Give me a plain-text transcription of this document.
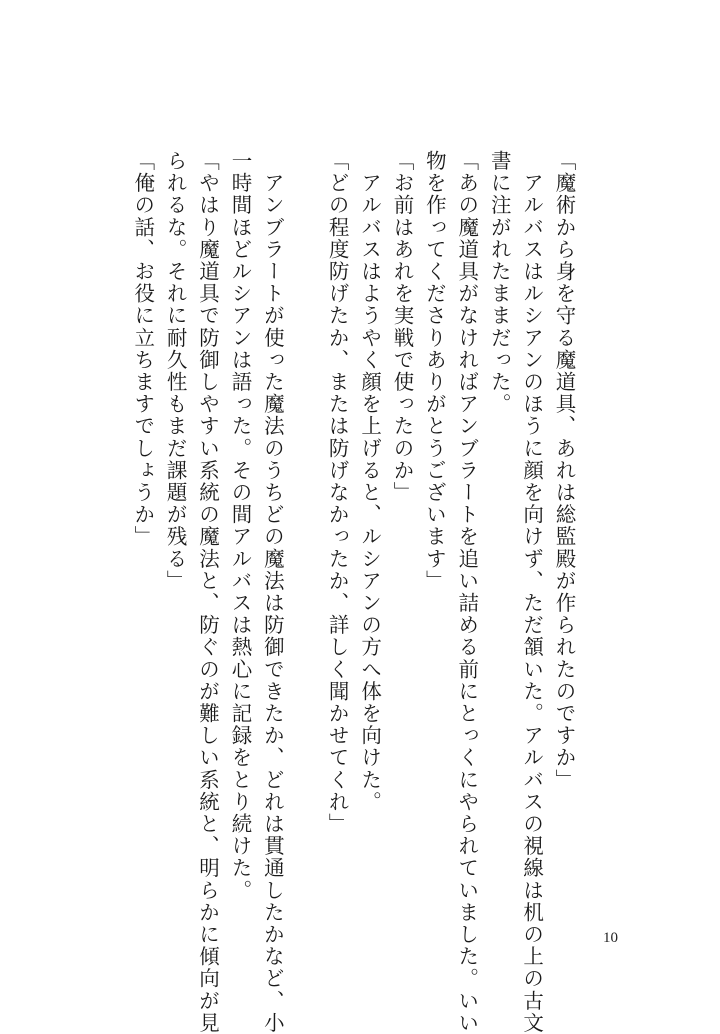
「魔術から身を守る魔道具、あれは総監殿が作られたのですか」
　アルバスはルシアンのほうに顔を向けず、ただ頷いた。アルバスの視線は机の上の古文
書に注がれたままだった。
「あの魔道具がなければアンブラートを追い詰める前にとっくにやられていました。いい
物を作ってくださりありがとうございます」
「お前はあれを実戦で使ったのか」
　アルバスはようやく顔を上げると、ルシアンの方へ体を向けた。
「どの程度防げたか、または防げなかったか、詳しく聞かせてくれ」
　アンブラートが使った魔法のうちどの魔法は防御できたか、どれは貫通したかなど、小
一時間ほどルシアンは語った。その間アルバスは熱心に記録をとり続けた。
「やはり魔道具で防御しやすい系統の魔法と、防ぐのが難しい系統と、明らかに傾向が見
られるな。それに耐久性もまだ課題が残る」
「俺の話、お役に立ちますでしょうか」
10
